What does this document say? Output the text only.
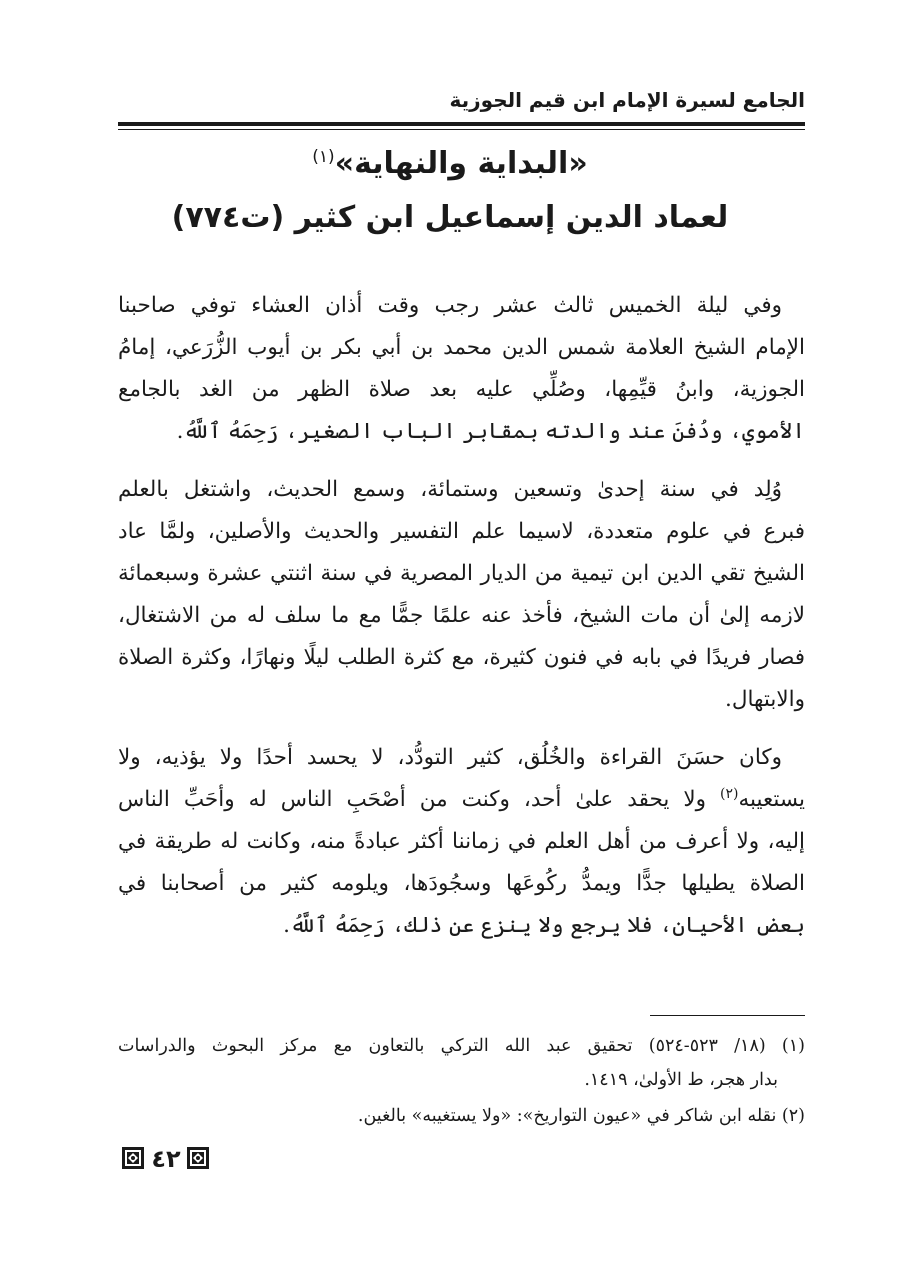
الجامع لسيرة الإمام ابن قيم الجوزية
«البداية والنهاية»$^{(١)}$
لعماد الدين إسماعيل ابن كثير (ت٧٧٤)
وفي ليلة الخميس ثالث عشر رجب وقت أذان العشاء توفي صاحبنا
الإمام الشيخ العلامة شمس الدين محمد بن أبي بكر بن أيوب الزُّرَعي، إمامُ
الجوزية، وابنُ قيِّمِها، وصُلِّي عليه بعد صلاة الظهر من الغد بالجامع
الأموي، ودُفنَ عند والدته بمقابر الباب الصغير، رَحِمَهُ ٱللَّهُ.
وُلِد في سنة إحدىٰ وتسعين وستمائة، وسمع الحديث، واشتغل بالعلم
فبرع في علوم متعددة، لاسيما علم التفسير والحديث والأصلين، ولمَّا عاد
الشيخ تقي الدين ابن تيمية من الديار المصرية في سنة اثنتي عشرة وسبعمائة
لازمه إلىٰ أن مات الشيخ، فأخذ عنه علمًا جمًّا مع ما سلف له من الاشتغال،
فصار فريدًا في بابه في فنون كثيرة، مع كثرة الطلب ليلًا ونهارًا، وكثرة الصلاة
والابتهال.
وكان حسَنَ القراءة والخُلُق، كثير التودُّد، لا يحسد أحدًا ولا يؤذيه، ولا
يستعيبه$^{(٢)}$ ولا يحقد علىٰ أحد، وكنت من أصْحَبِ الناس له وأحَبِّ الناس
إليه، ولا أعرف من أهل العلم في زماننا أكثر عبادةً منه، وكانت له طريقة في
الصلاة يطيلها جدًّا ويمدُّ ركُوعَها وسجُودَها، ويلومه كثير من أصحابنا في
بعض الأحيان، فلا يرجع ولا ينزع عن ذلك، رَحِمَهُ ٱللَّهُ.
(١) (١٨/ ٥٢٣-٥٢٤) تحقيق عبد الله التركي بالتعاون مع مركز البحوث والدراسات
بدار هجر، ط الأولىٰ، ١٤١٩.
(٢) نقله ابن شاكر في «عيون التواريخ»: «ولا يستغيبه» بالغين.
٤٢
